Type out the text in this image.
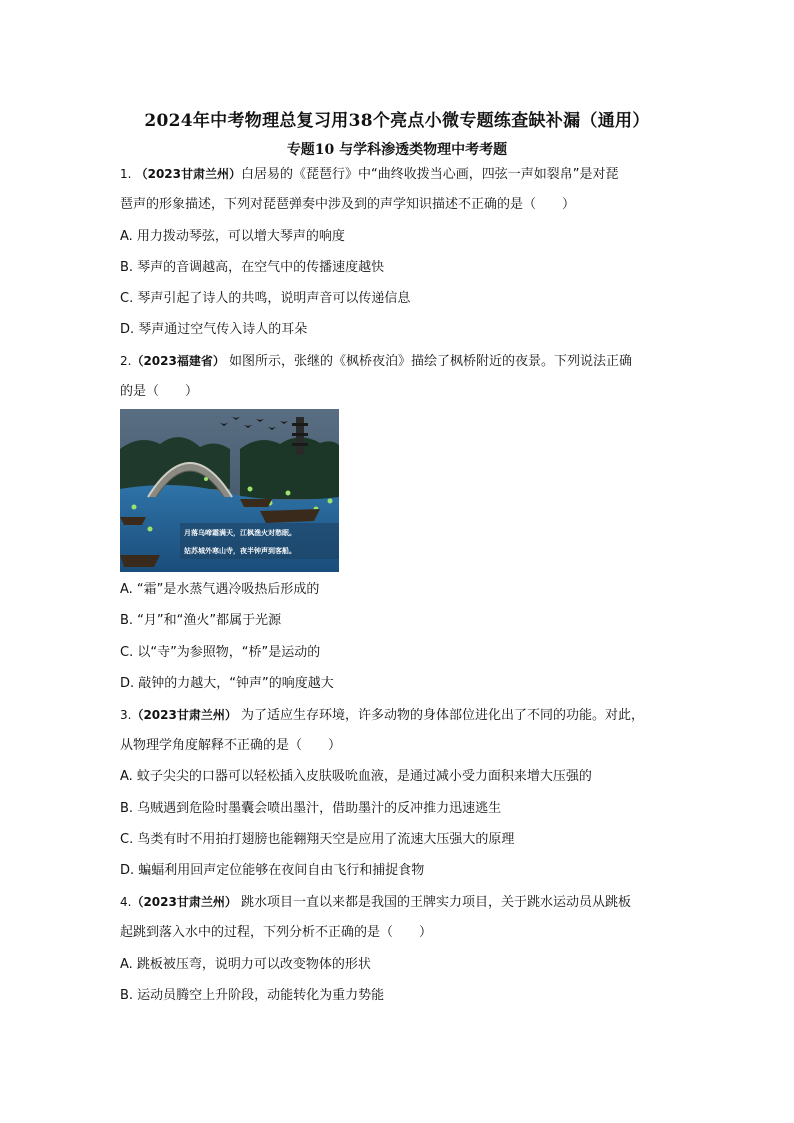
2024年中考物理总复习用38个亮点小微专题练查缺补漏（通用）
专题10 与学科渗透类物理中考考题
1. （2023甘肃兰州）白居易的《琵琶行》中“曲终收拨当心画，四弦一声如裂帛”是对琵
琶声的形象描述，下列对琵琶弹奏中涉及到的声学知识描述不正确的是（　　）
A. 用力拨动琴弦，可以增大琴声的响度
B. 琴声的音调越高，在空气中的传播速度越快
C. 琴声引起了诗人的共鸣，说明声音可以传递信息
D. 琴声通过空气传入诗人的耳朵
2.（2023福建省） 如图所示，张继的《枫桥夜泊》描绘了枫桥附近的夜景。下列说法正确
的是（　　）
月落乌啼霜满天，江枫渔火对愁眠。
姑苏城外寒山寺，夜半钟声到客船。
A. “霜”是水蒸气遇冷吸热后形成的
B. “月”和“渔火”都属于光源
C. 以“寺”为参照物，“桥”是运动的
D. 敲钟的力越大，“钟声”的响度越大
3.（2023甘肃兰州） 为了适应生存环境，许多动物的身体部位进化出了不同的功能。对此，
从物理学角度解释不正确的是（　　）
A. 蚊子尖尖的口器可以轻松插入皮肤吸吮血液，是通过减小受力面积来增大压强的
B. 乌贼遇到危险时墨囊会喷出墨汁，借助墨汁的反冲推力迅速逃生
C. 鸟类有时不用拍打翅膀也能翱翔天空是应用了流速大压强大的原理
D. 蝙蝠利用回声定位能够在夜间自由飞行和捕捉食物
4.（2023甘肃兰州） 跳水项目一直以来都是我国的王牌实力项目，关于跳水运动员从跳板
起跳到落入水中的过程，下列分析不正确的是（　　）
A. 跳板被压弯，说明力可以改变物体的形状
B. 运动员腾空上升阶段，动能转化为重力势能
